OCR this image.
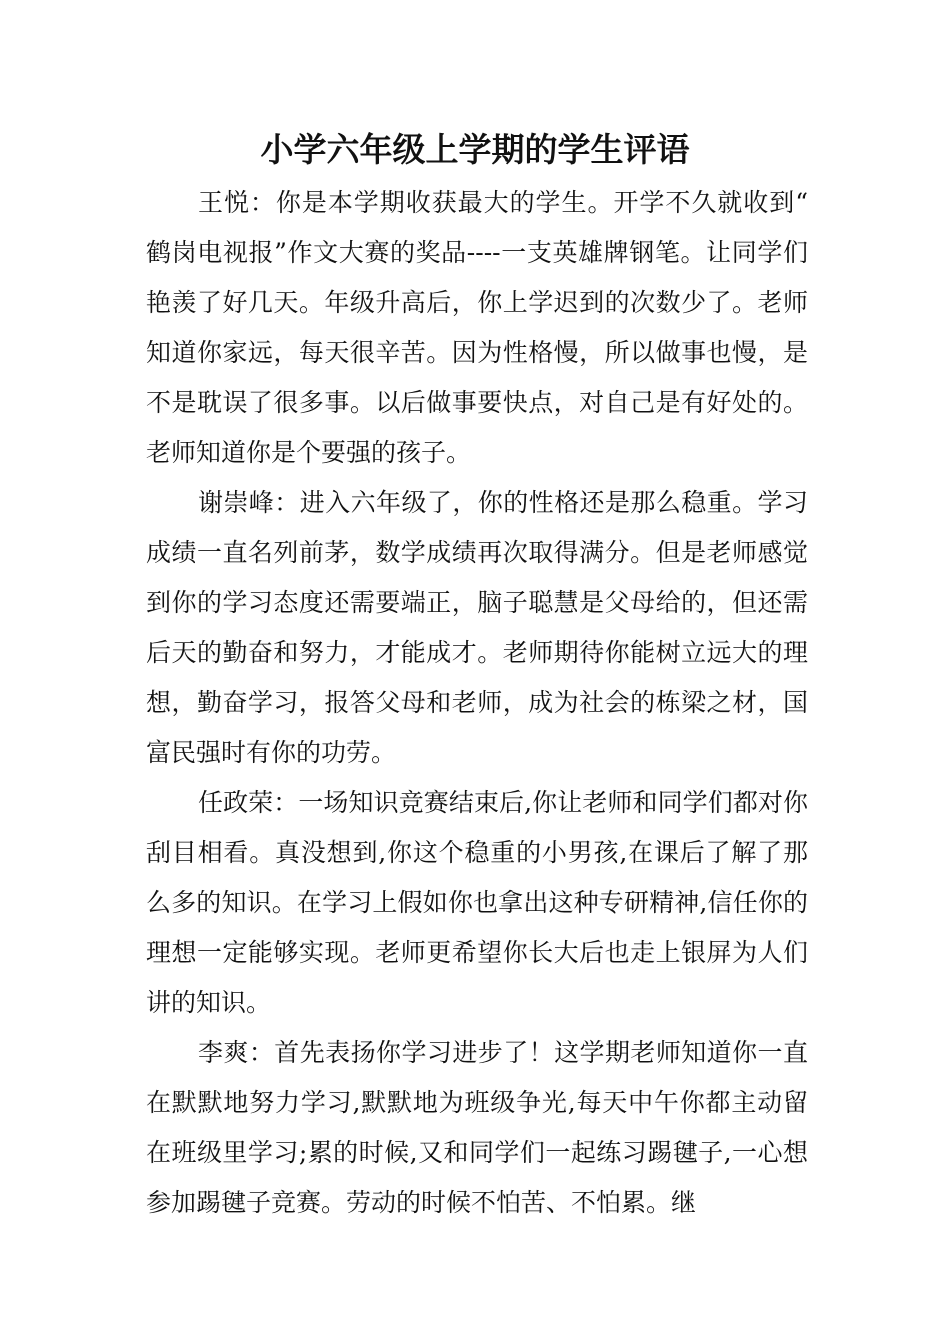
小学六年级上学期的学生评语

王悦：你是本学期收获最大的学生。开学不久就收到“鹤岗电视报”作文大赛的奖品----一支英雄牌钢笔。让同学们艳羡了好几天。年级升高后，你上学迟到的次数少了。老师知道你家远，每天很辛苦。因为性格慢，所以做事也慢，是不是耽误了很多事。以后做事要快点，对自己是有好处的。老师知道你是个要强的孩子。

谢崇峰：进入六年级了，你的性格还是那么稳重。学习成绩一直名列前茅，数学成绩再次取得满分。但是老师感觉到你的学习态度还需要端正，脑子聪慧是父母给的，但还需后天的勤奋和努力，才能成才。老师期待你能树立远大的理想，勤奋学习，报答父母和老师，成为社会的栋梁之材，国富民强时有你的功劳。

任政荣：一场知识竞赛结束后,你让老师和同学们都对你刮目相看。真没想到,你这个稳重的小男孩,在课后了解了那么多的知识。在学习上假如你也拿出这种专研精神,信任你的理想一定能够实现。老师更希望你长大后也走上银屏为人们讲的知识。

李爽：首先表扬你学习进步了！这学期老师知道你一直在默默地努力学习,默默地为班级争光,每天中午你都主动留在班级里学习;累的时候,又和同学们一起练习踢毽子,一心想参加踢毽子竞赛。劳动的时候不怕苦、不怕累。继
